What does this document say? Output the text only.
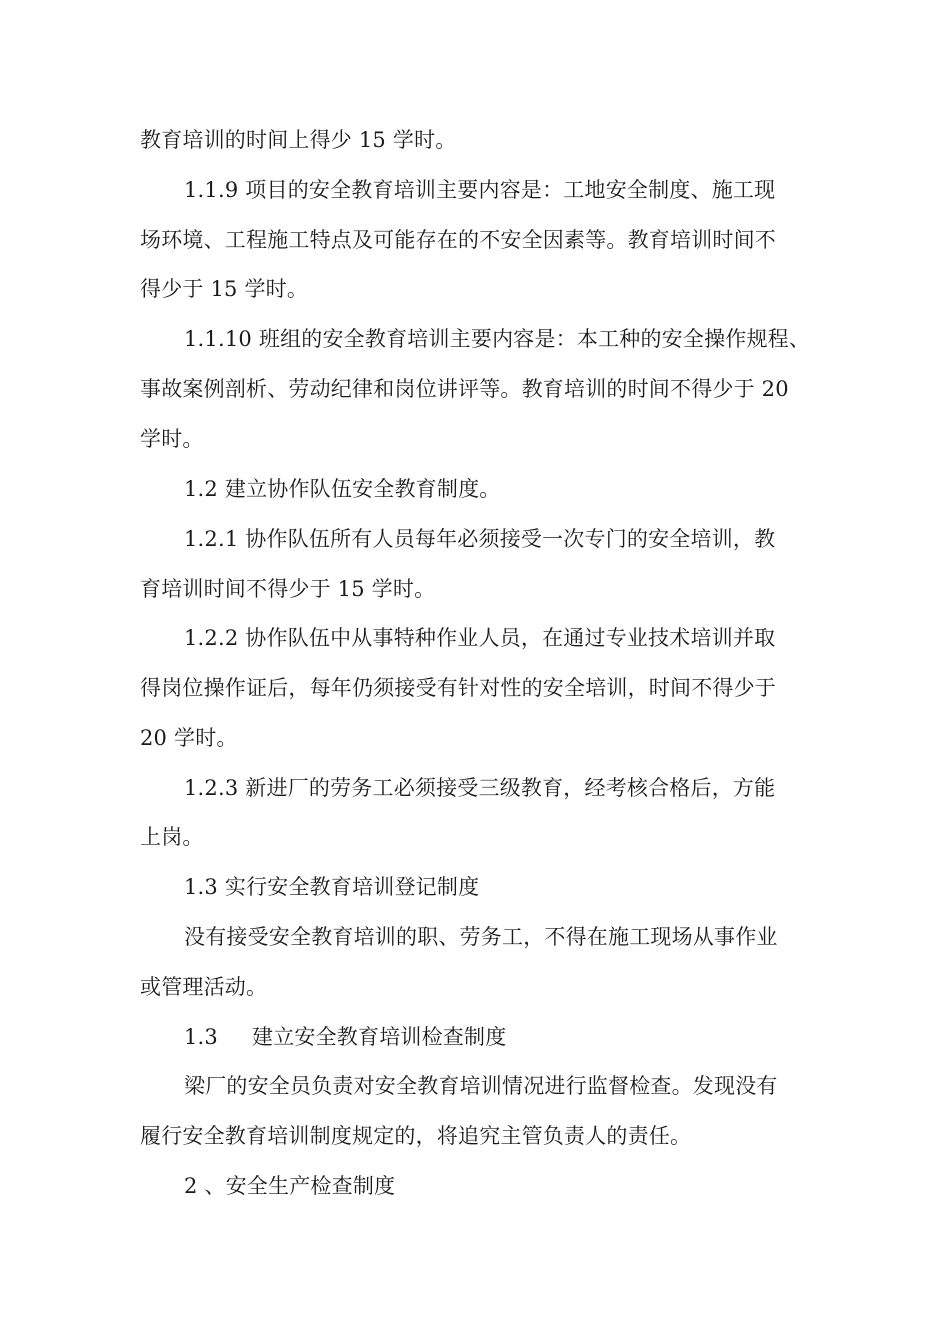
教育培训的时间上得少 15 学时。
1.1.9 项目的安全教育培训主要内容是：工地安全制度、施工现
场环境、工程施工特点及可能存在的不安全因素等。教育培训时间不
得少于 15 学时。
1.1.10 班组的安全教育培训主要内容是：本工种的安全操作规程、
事故案例剖析、劳动纪律和岗位讲评等。教育培训的时间不得少于 20
学时。
1.2 建立协作队伍安全教育制度。
1.2.1 协作队伍所有人员每年必须接受一次专门的安全培训，教
育培训时间不得少于 15 学时。
1.2.2 协作队伍中从事特种作业人员，在通过专业技术培训并取
得岗位操作证后，每年仍须接受有针对性的安全培训，时间不得少于
20 学时。
1.2.3 新进厂的劳务工必须接受三级教育，经考核合格后，方能
上岗。
1.3 实行安全教育培训登记制度
没有接受安全教育培训的职、劳务工，不得在施工现场从事作业
或管理活动。
1.3 建立安全教育培训检查制度
梁厂的安全员负责对安全教育培训情况进行监督检查。发现没有
履行安全教育培训制度规定的，将追究主管负责人的责任。
2 、安全生产检查制度
